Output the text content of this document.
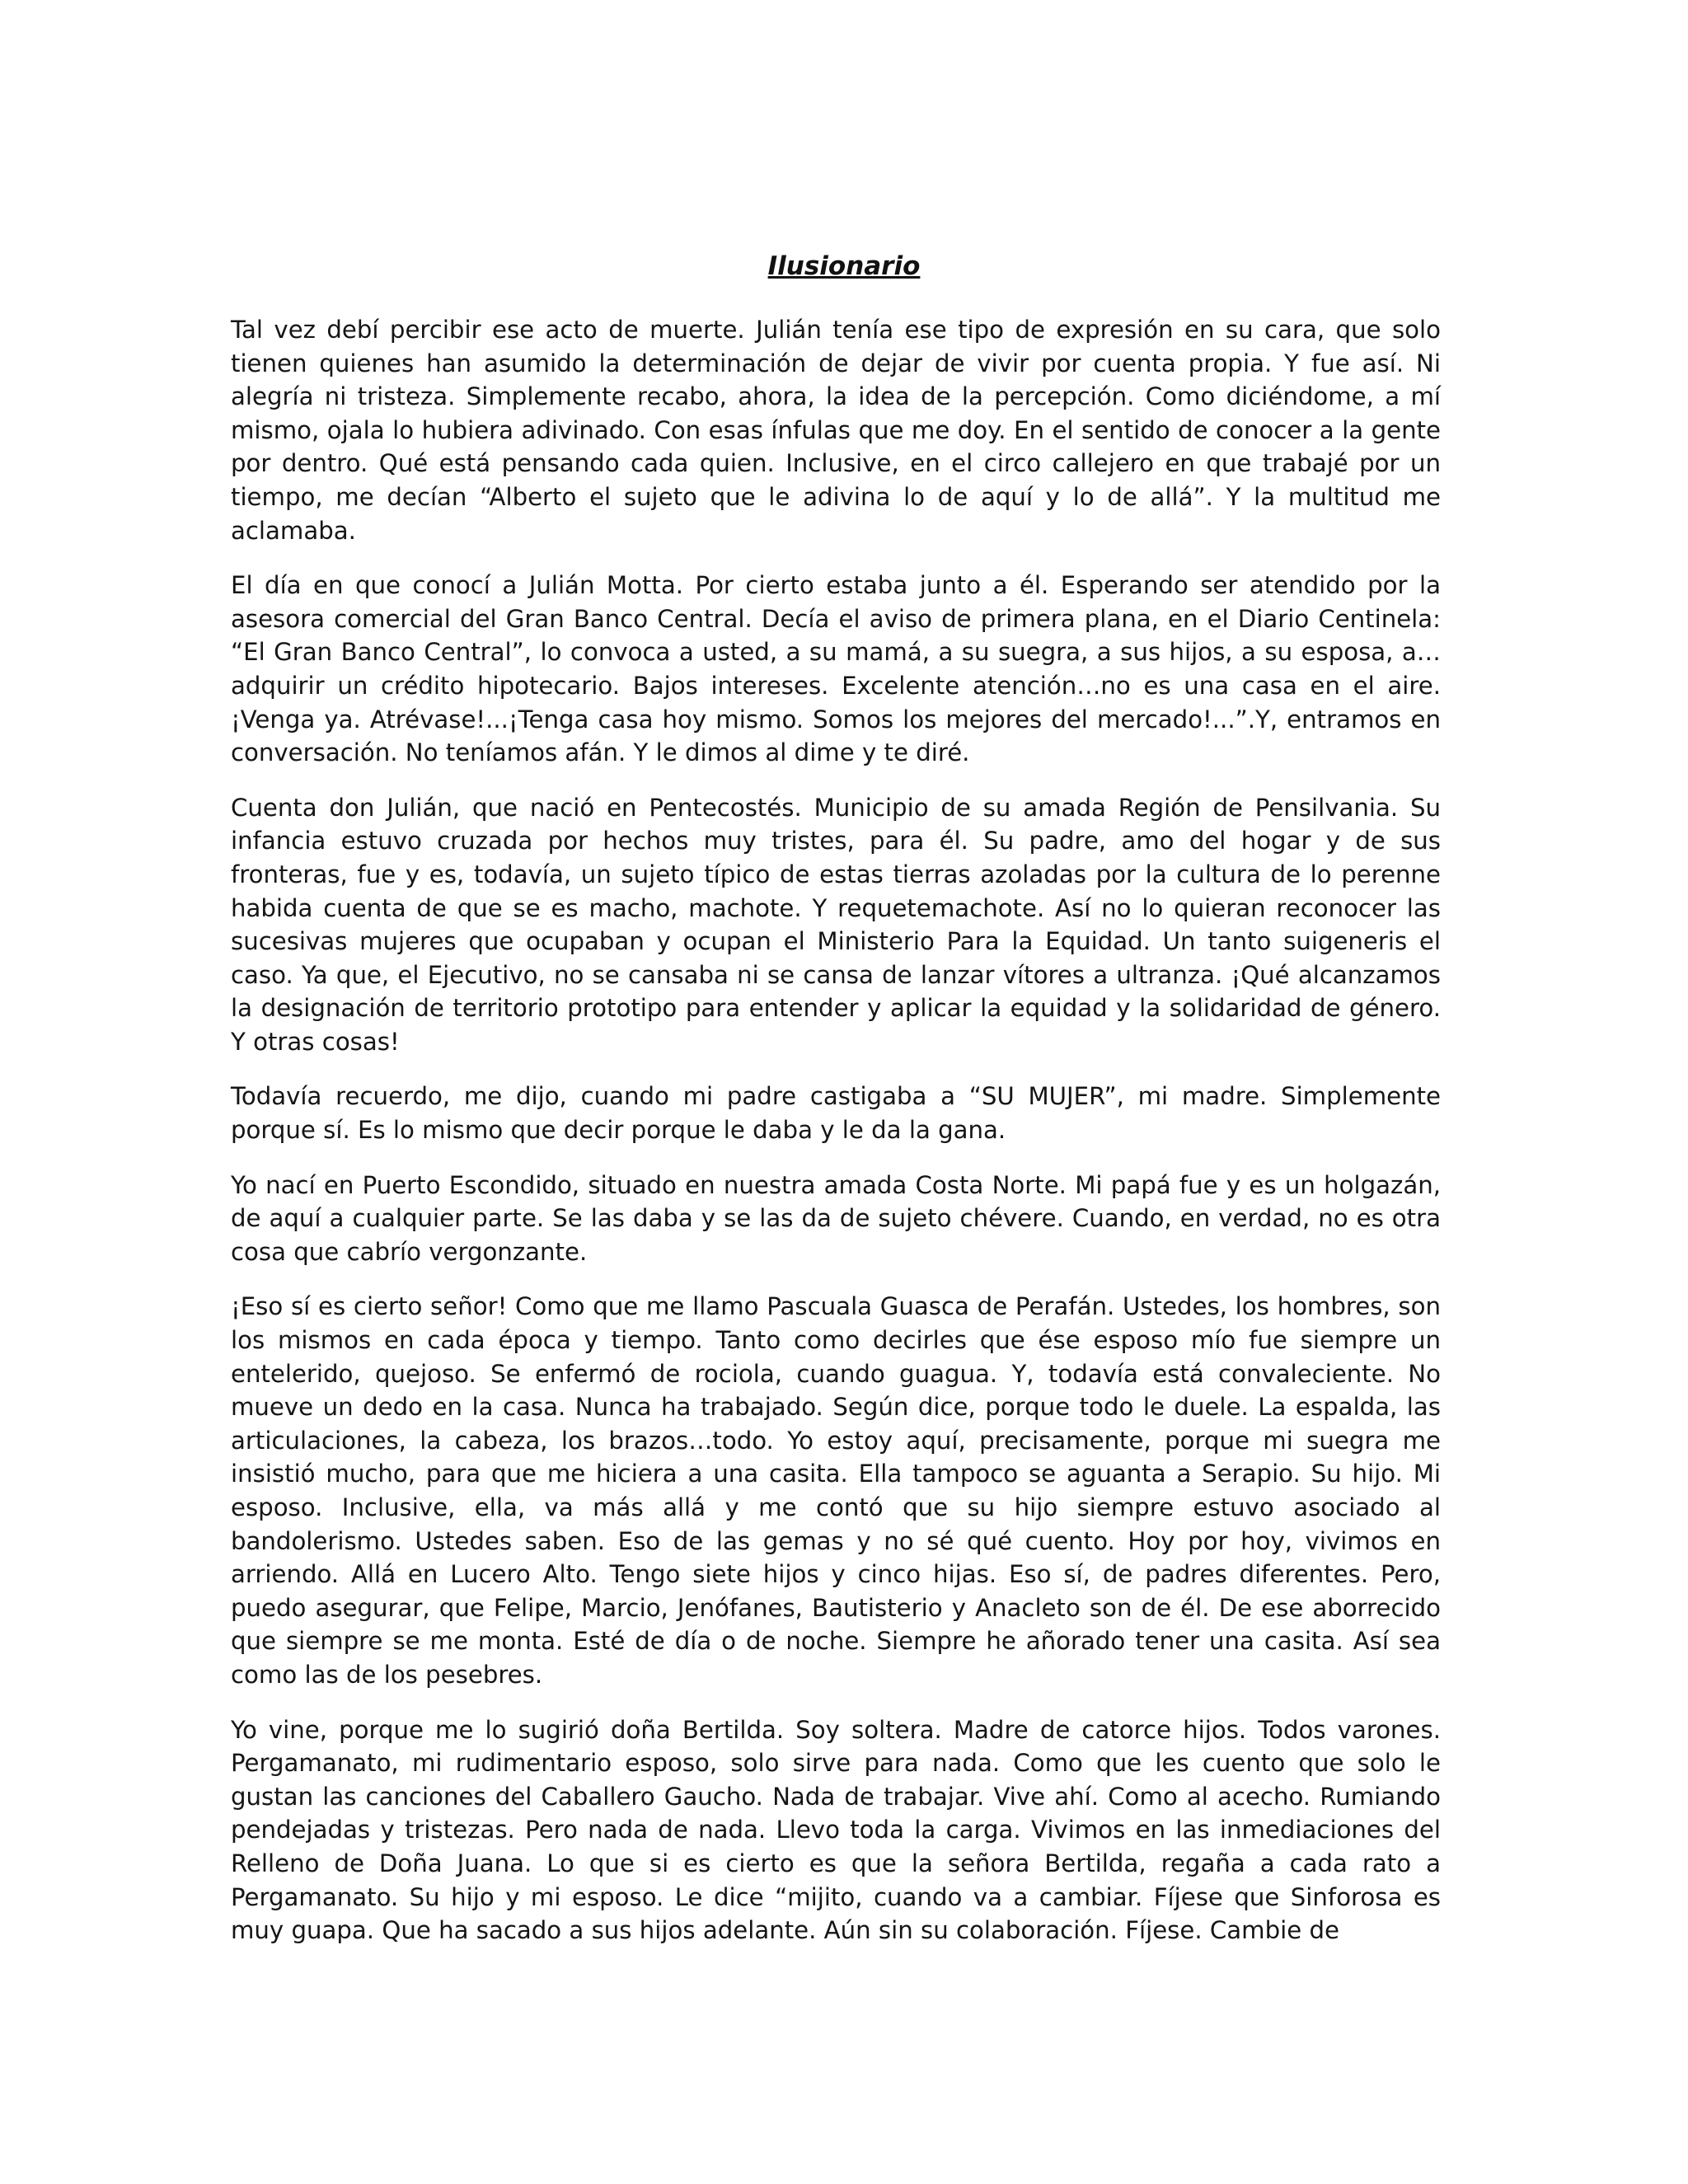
Ilusionario

Tal vez debí percibir ese acto de muerte. Julián tenía ese tipo de expresión en su cara, que solo tienen quienes han asumido la determinación de dejar de vivir por cuenta propia. Y fue así. Ni alegría ni tristeza. Simplemente recabo, ahora, la idea de la percepción. Como diciéndome, a mí mismo, ojala lo hubiera adivinado. Con esas ínfulas que me doy. En el sentido de conocer a la gente por dentro. Qué está pensando cada quien. Inclusive, en el circo callejero en que trabajé por un tiempo, me decían “Alberto el sujeto que le adivina lo de aquí y lo de allá”. Y la multitud me aclamaba.

El día en que conocí a Julián Motta. Por cierto estaba junto a él. Esperando ser atendido por la asesora comercial del Gran Banco Central. Decía el aviso de primera plana, en el Diario Centinela: “El Gran Banco Central”, lo convoca a usted, a su mamá, a su suegra, a sus hijos, a su esposa, a…adquirir un crédito hipotecario. Bajos intereses. Excelente atención…no es una casa en el aire. ¡Venga ya. Atrévase!...¡Tenga casa hoy mismo. Somos los mejores del mercado!...”.Y, entramos en conversación. No teníamos afán. Y le dimos al dime y te diré.

Cuenta don Julián, que nació en Pentecostés. Municipio de su amada Región de Pensilvania. Su infancia estuvo cruzada por hechos muy tristes, para él. Su padre, amo del hogar y de sus fronteras, fue y es, todavía, un sujeto típico de estas tierras azoladas por la cultura de lo perenne habida cuenta de que se es macho, machote. Y requetemachote. Así no lo quieran reconocer las sucesivas mujeres que ocupaban y ocupan el Ministerio Para la Equidad. Un tanto suigeneris el caso. Ya que, el Ejecutivo, no se cansaba ni se cansa de lanzar vítores a ultranza. ¡Qué alcanzamos la designación de territorio prototipo para entender y aplicar la equidad y la solidaridad de género. Y otras cosas!

Todavía recuerdo, me dijo, cuando mi padre castigaba a “SU MUJER”, mi madre. Simplemente porque sí. Es lo mismo que decir porque le daba y le da la gana.

Yo nací en Puerto Escondido, situado en nuestra amada Costa Norte. Mi papá fue y es un holgazán, de aquí a cualquier parte. Se las daba y se las da de sujeto chévere. Cuando, en verdad, no es otra cosa que cabrío vergonzante.

¡Eso sí es cierto señor! Como que me llamo Pascuala Guasca de Perafán. Ustedes, los hombres, son los mismos en cada época y tiempo. Tanto como decirles que ése esposo mío fue siempre un entelerido, quejoso. Se enfermó de rociola, cuando guagua. Y, todavía está convaleciente. No mueve un dedo en la casa. Nunca ha trabajado. Según dice, porque todo le duele. La espalda, las articulaciones, la cabeza, los brazos…todo. Yo estoy aquí, precisamente, porque mi suegra me insistió mucho, para que me hiciera a una casita. Ella tampoco se aguanta a Serapio. Su hijo. Mi esposo. Inclusive, ella, va más allá y me contó que su hijo siempre estuvo asociado al bandolerismo. Ustedes saben. Eso de las gemas y no sé qué cuento. Hoy por hoy, vivimos en arriendo. Allá en Lucero Alto. Tengo siete hijos y cinco hijas. Eso sí, de padres diferentes. Pero, puedo asegurar, que Felipe, Marcio, Jenófanes, Bautisterio y Anacleto son de él. De ese aborrecido que siempre se me monta. Esté de día o de noche. Siempre he añorado tener una casita. Así sea como las de los pesebres.

Yo vine, porque me lo sugirió doña Bertilda. Soy soltera. Madre de catorce hijos. Todos varones. Pergamanato, mi rudimentario esposo, solo sirve para nada. Como que les cuento que solo le gustan las canciones del Caballero Gaucho. Nada de trabajar. Vive ahí. Como al acecho. Rumiando pendejadas y tristezas. Pero nada de nada. Llevo toda la carga. Vivimos en las inmediaciones del Relleno de Doña Juana. Lo que si es cierto es que la señora Bertilda, regaña a cada rato a Pergamanato. Su hijo y mi esposo. Le dice “mijito, cuando va a cambiar. Fíjese que Sinforosa es muy guapa. Que ha sacado a sus hijos adelante. Aún sin su colaboración. Fíjese. Cambie de
